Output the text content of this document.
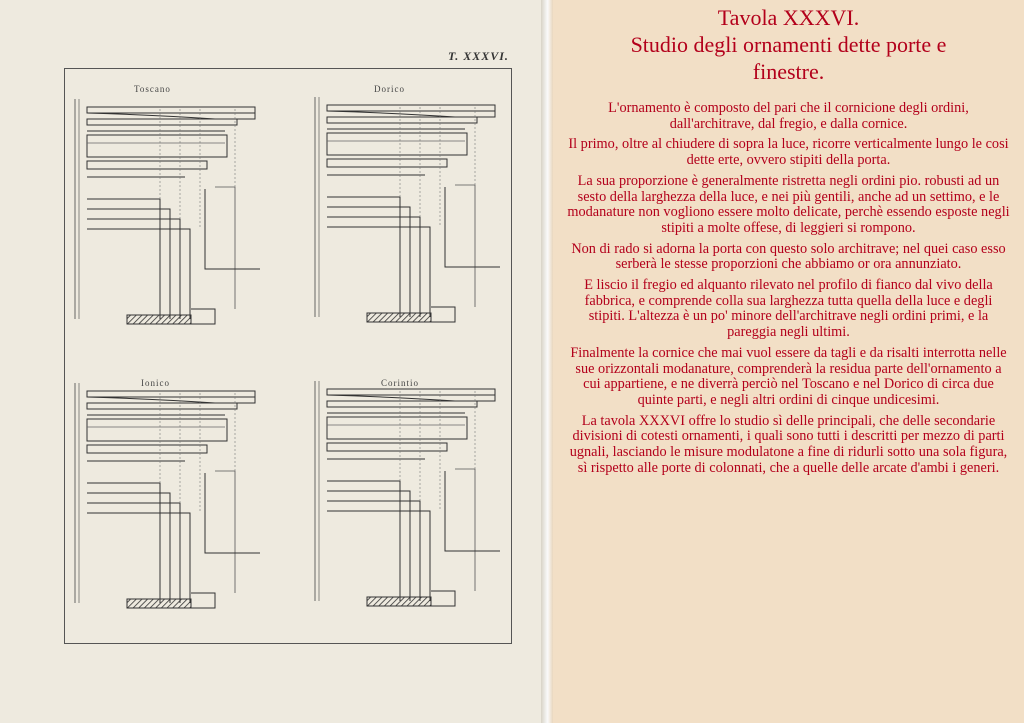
T. XXXVI.
Toscano	Dorico
Ionico	Corintio
Tavola XXXVI.
Studio degli ornamenti dette porte e
finestre.

L'ornamento è composto del pari che il cornicione degli ordini, dall'architrave, dal fregio, e dalla cornice.

Il primo, oltre al chiudere di sopra la luce, ricorre verticalmente lungo le cosi dette erte, ovvero stipiti della porta.

La sua proporzione è generalmente ristretta negli ordini pio. robusti ad un sesto della larghezza della luce, e nei più gentili, anche ad un settimo, e le modanature non vogliono essere molto delicate, perchè essendo esposte negli stipiti a molte offese, di leggieri si rompono.

Non di rado si adorna la porta con questo solo architrave; nel quei caso esso serberà le stesse proporzioni che abbiamo or ora annunziato.

E liscio il fregio ed alquanto rilevato nel profilo di fianco dal vivo della fabbrica, e comprende colla sua larghezza tutta quella della luce e degli stipiti. L'altezza è un po' minore dell'architrave negli ordini primi, e la pareggia negli ultimi.

Finalmente la cornice che mai vuol essere da tagli e da risalti interrotta nelle sue orizzontali modanature, comprenderà la residua parte dell'ornamento a cui appartiene, e ne diverrà perciò nel Toscano e nel Dorico di circa due quinte parti, e negli altri ordini di cinque undicesimi.

La tavola XXXVI offre lo studio sì delle principali, che delle secondarie divisioni di cotesti ornamenti, i quali sono tutti i descritti per mezzo di parti ugnali, lasciando le misure modulatone a fine di ridurli sotto una sola figura, sì rispetto alle porte di colonnati, che a quelle delle arcate d'ambi i generi.
